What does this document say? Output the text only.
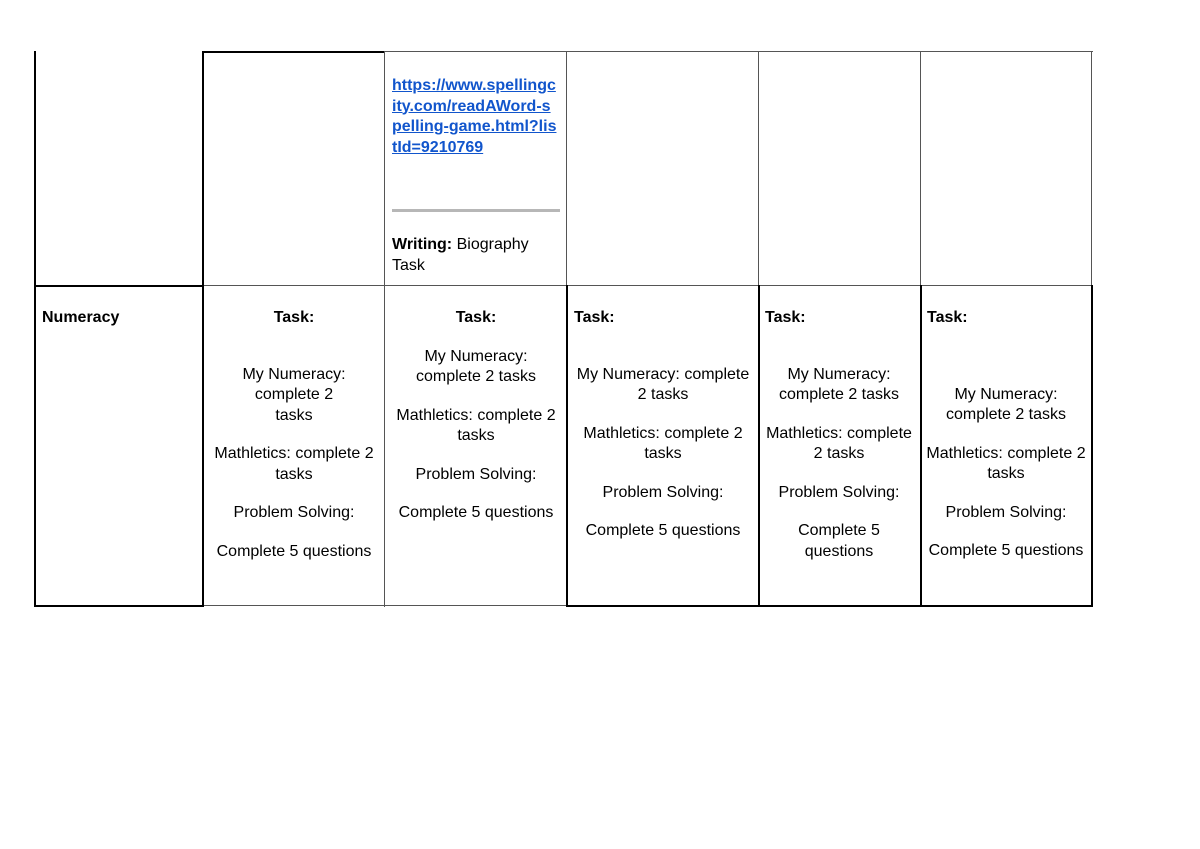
https://www.spellingcity.com/readAWord-spelling-game.html?listId=9210769
Writing: Biography Task
Numeracy	Task:

My Numeracy: complete 2 tasks

Mathletics: complete 2 tasks

Problem Solving:

Complete 5 questions

Task:

My Numeracy: complete 2 tasks

Mathletics: complete 2 tasks

Problem Solving:

Complete 5 questions

Task:

My Numeracy: complete 2 tasks

Mathletics: complete 2 tasks

Problem Solving:

Complete 5 questions

Task:

My Numeracy: complete 2 tasks

Mathletics: complete 2 tasks

Problem Solving:

Complete 5 questions

Task:

My Numeracy: complete 2 tasks

Mathletics: complete 2 tasks

Problem Solving:

Complete 5 questions
